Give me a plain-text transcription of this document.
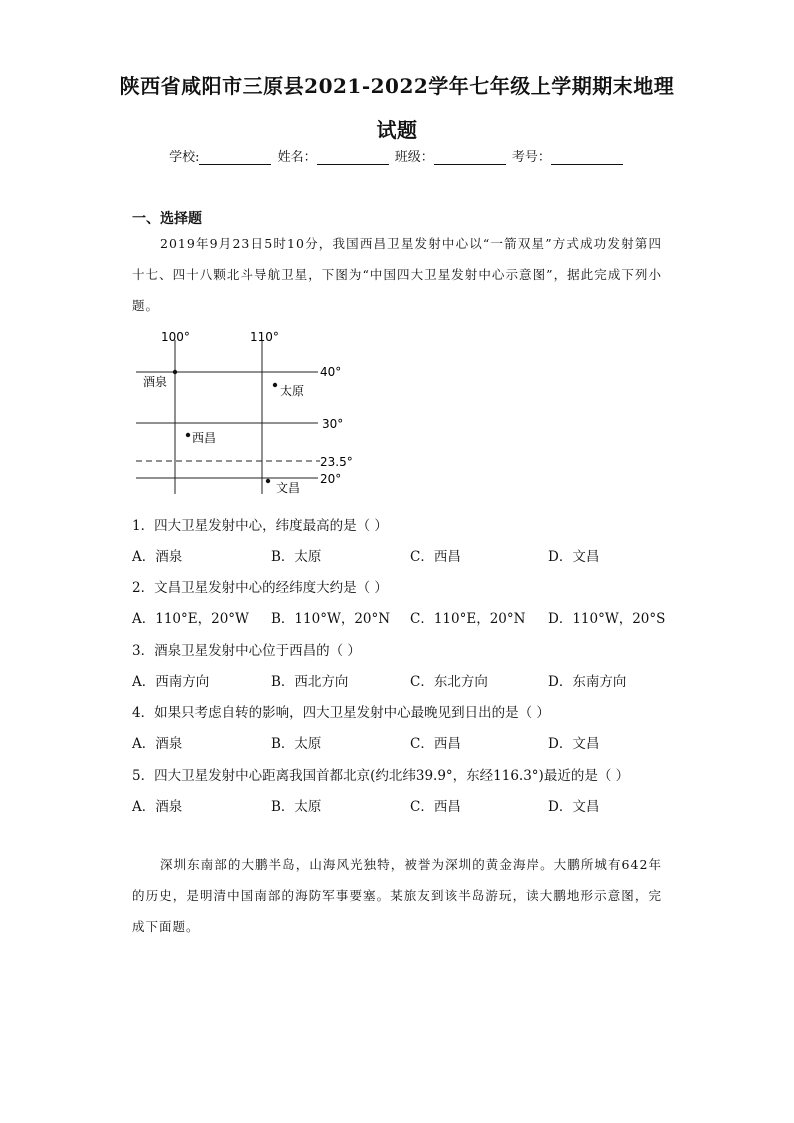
陕西省咸阳市三原县2021-2022学年七年级上学期期末地理
试题
学校:	姓名：	班级：	考号：
一、选择题
2019年9月23日5时10分，我国西昌卫星发射中心以“一箭双星”方式成功发射第四十七、四十八颗北斗导航卫星，下图为“中国四大卫星发射中心示意图”，据此完成下列小题。
100°	110°
40°
30°
23.5°
20°
酒泉
太原
西昌
文昌
1．四大卫星发射中心，纬度最高的是（ ）
A．酒泉	B．太原	C．西昌	D．文昌
2．文昌卫星发射中心的经纬度大约是（ ）
A．110°E，20°W B．110°W，20°N C．110°E，20°N D．110°W，20°S
3．酒泉卫星发射中心位于西昌的（ ）
A．西南方向	B．西北方向	C．东北方向	D．东南方向
4．如果只考虑自转的影响，四大卫星发射中心最晚见到日出的是（ ）
A．酒泉	B．太原	C．西昌	D．文昌
5．四大卫星发射中心距离我国首都北京(约北纬39.9°，东经116.3°)最近的是（ ）
A．酒泉	B．太原	C．西昌	D．文昌
深圳东南部的大鹏半岛，山海风光独特，被誉为深圳的黄金海岸。大鹏所城有642年的历史，是明清中国南部的海防军事要塞。某旅友到该半岛游玩，读大鹏地形示意图，完成下面题。
